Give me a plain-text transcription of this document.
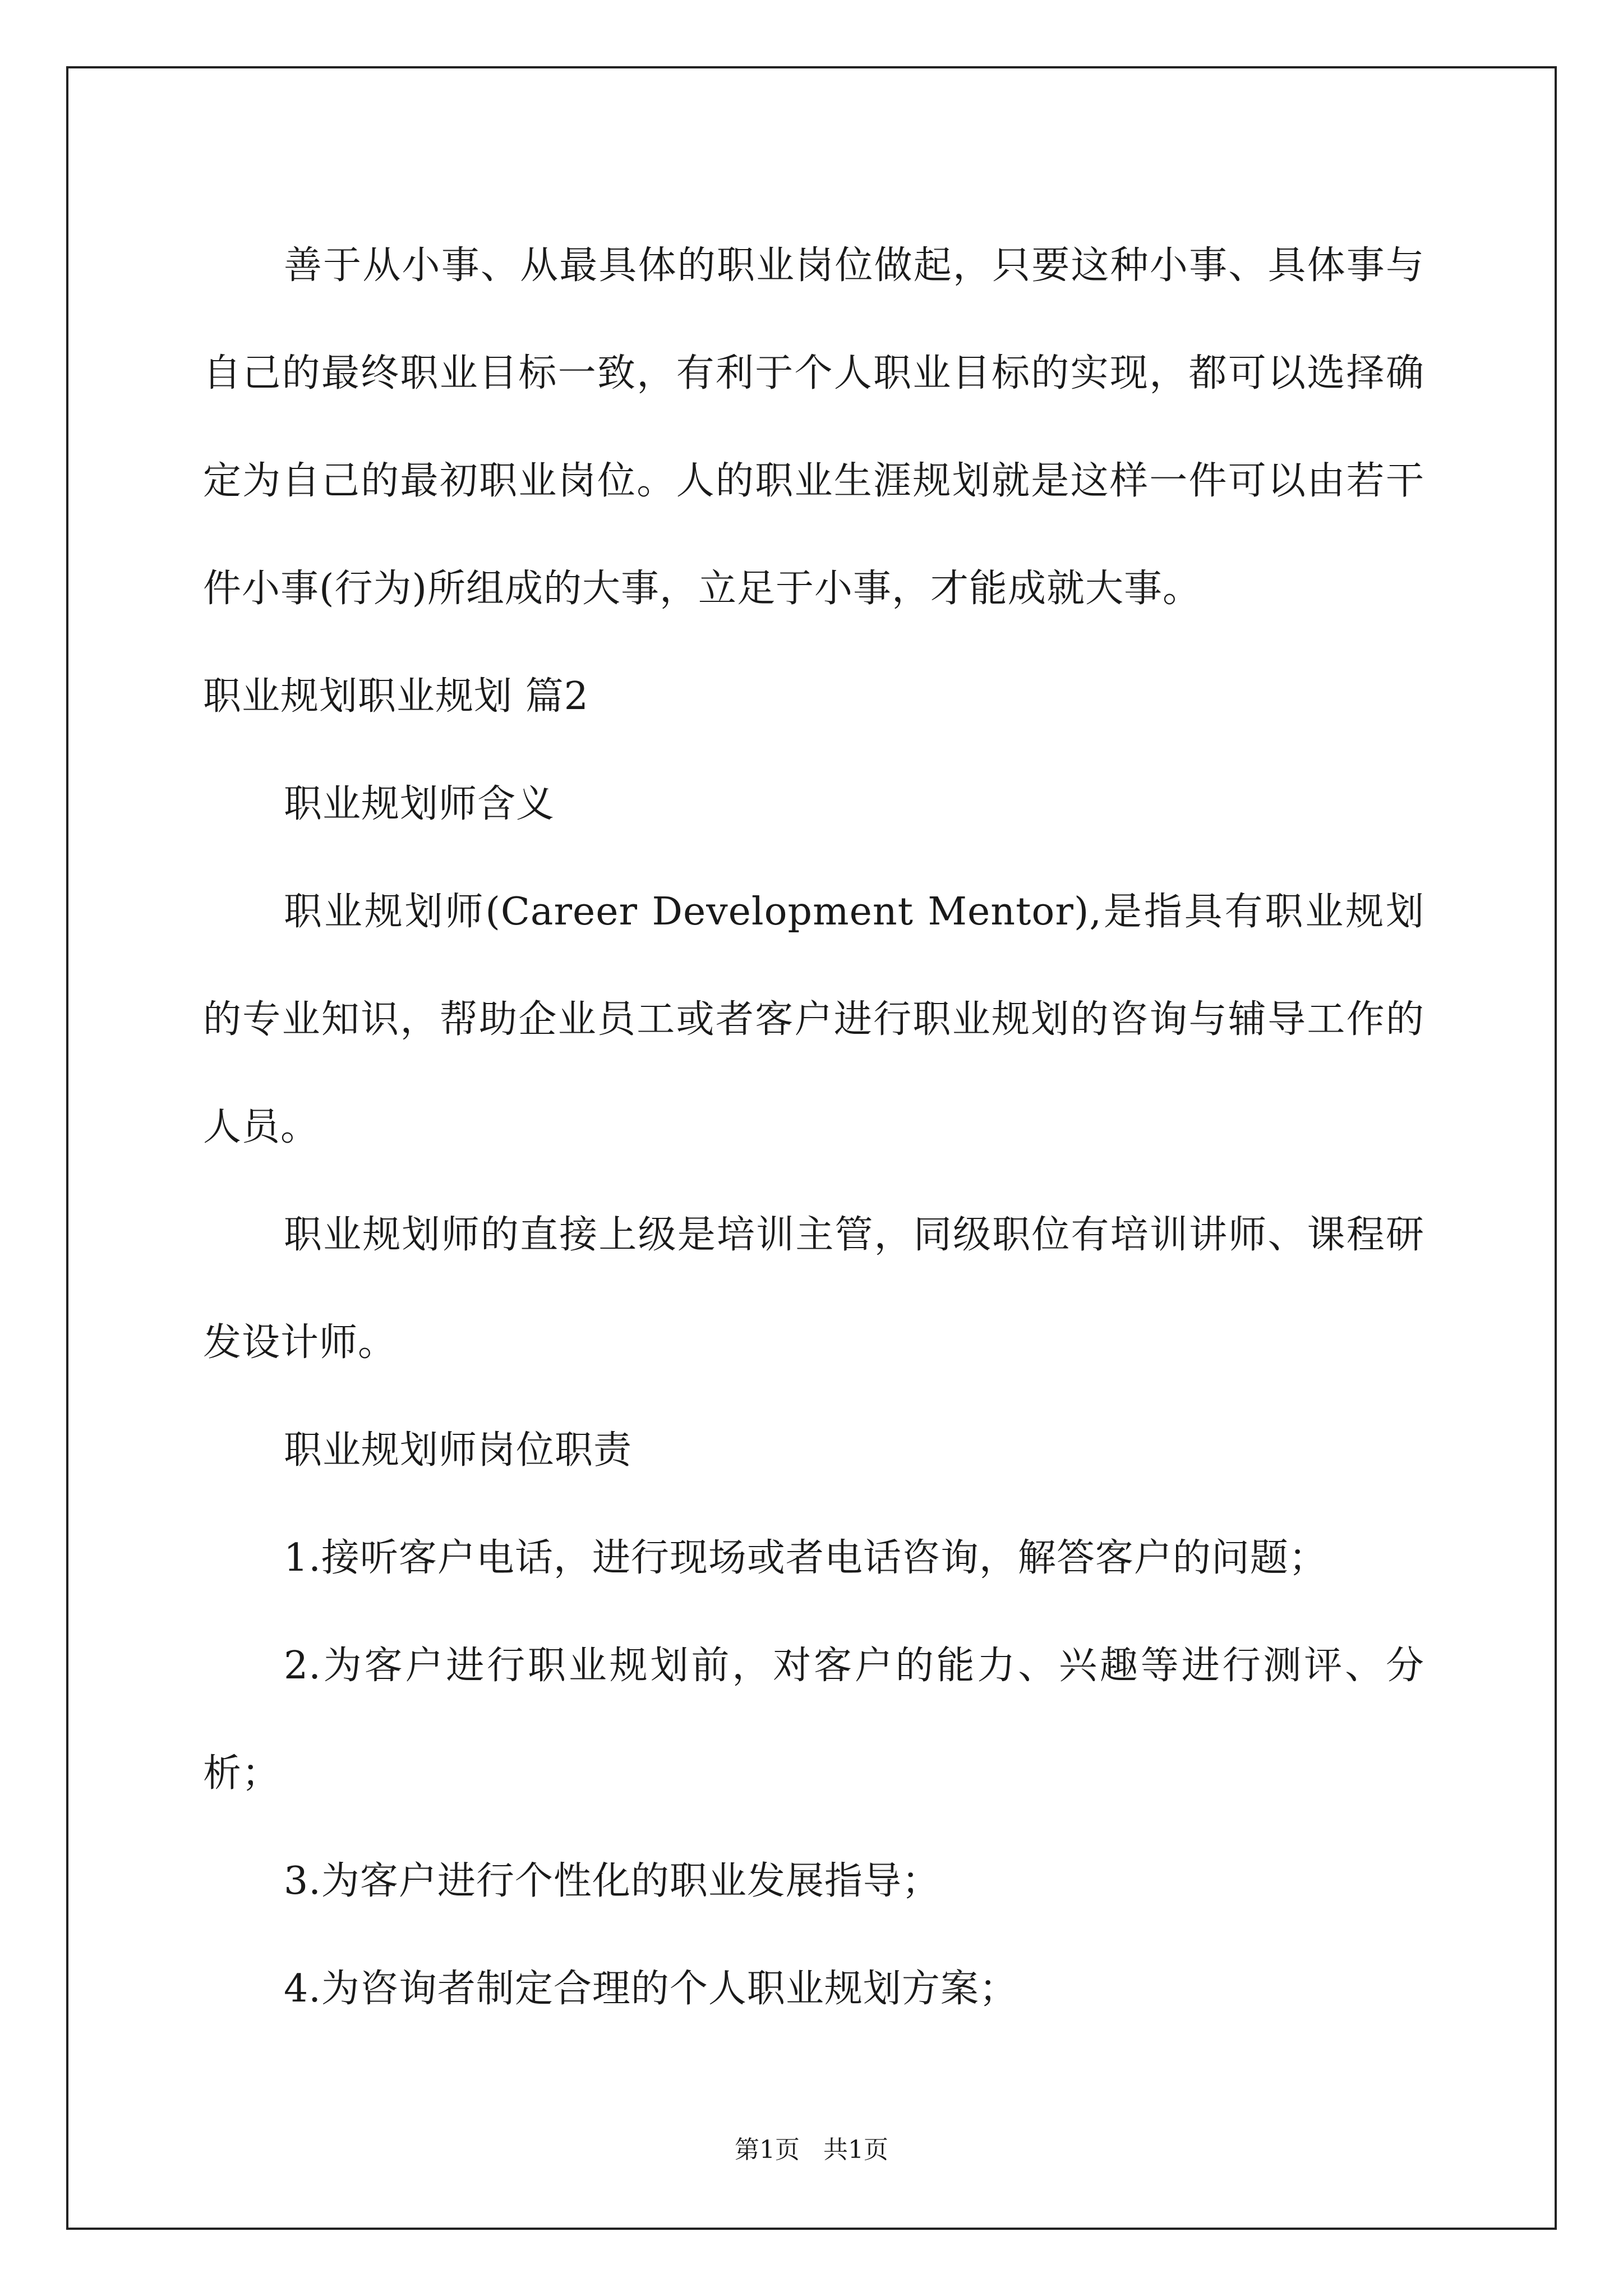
善于从小事、从最具体的职业岗位做起，只要这种小事、具体事与自己的最终职业目标一致，有利于个人职业目标的实现，都可以选择确定为自己的最初职业岗位。人的职业生涯规划就是这样一件可以由若干件小事(行为)所组成的大事，立足于小事，才能成就大事。

职业规划职业规划 篇2

职业规划师含义

职业规划师(Career Development Mentor),是指具有职业规划的专业知识，帮助企业员工或者客户进行职业规划的咨询与辅导工作的人员。

职业规划师的直接上级是培训主管，同级职位有培训讲师、课程研发设计师。

职业规划师岗位职责

1.接听客户电话，进行现场或者电话咨询，解答客户的问题；

2.为客户进行职业规划前，对客户的能力、兴趣等进行测评、分析；

3.为客户进行个性化的职业发展指导；

4.为咨询者制定合理的个人职业规划方案；

第1页 共1页
